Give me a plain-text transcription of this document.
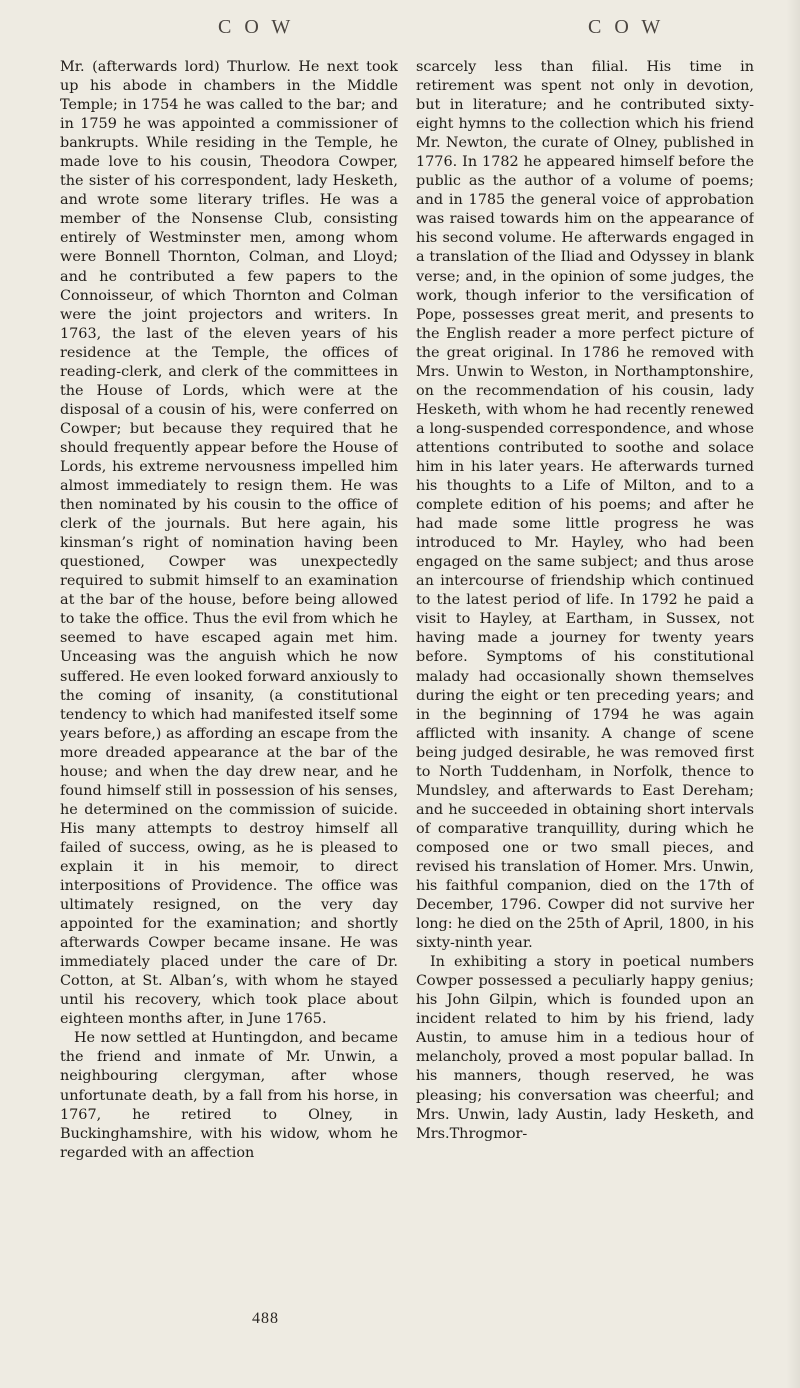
C O W	C O W

Mr. (afterwards lord) Thurlow. He next took up his abode in chambers in the Middle Temple; in 1754 he was called to the bar; and in 1759 he was appointed a commissioner of bankrupts. While residing in the Temple, he made love to his cousin, Theodora Cowper, the sister of his correspondent, lady Hesketh, and wrote some literary trifles. He was a member of the Nonsense Club, consisting entirely of Westminster men, among whom were Bonnell Thornton, Colman, and Lloyd; and he contributed a few papers to the Connoisseur, of which Thornton and Colman were the joint projectors and writers. In 1763, the last of the eleven years of his residence at the Temple, the offices of reading-clerk, and clerk of the committees in the House of Lords, which were at the disposal of a cousin of his, were conferred on Cowper; but because they required that he should frequently appear before the House of Lords, his extreme nervousness impelled him almost immediately to resign them. He was then nominated by his cousin to the office of clerk of the journals. But here again, his kinsman’s right of nomination having been questioned, Cowper was unexpectedly required to submit himself to an examination at the bar of the house, before being allowed to take the office. Thus the evil from which he seemed to have escaped again met him. Unceasing was the anguish which he now suffered. He even looked forward anxiously to the coming of insanity, (a constitutional tendency to which had manifested itself some years before,) as affording an escape from the more dreaded appearance at the bar of the house; and when the day drew near, and he found himself still in possession of his senses, he determined on the commission of suicide. His many attempts to destroy himself all failed of success, owing, as he is pleased to explain it in his memoir, to direct interpositions of Providence. The office was ultimately resigned, on the very day appointed for the examination; and shortly afterwards Cowper became insane. He was immediately placed under the care of Dr. Cotton, at St. Alban’s, with whom he stayed until his recovery, which took place about eighteen months after, in June 1765.

He now settled at Huntingdon, and became the friend and inmate of Mr. Unwin, a neighbouring clergyman, after whose unfortunate death, by a fall from his horse, in 1767, he retired to Olney, in Buckinghamshire, with his widow, whom he regarded with an affection

scarcely less than filial. His time in retirement was spent not only in devotion, but in literature; and he contributed sixty-eight hymns to the collection which his friend Mr. Newton, the curate of Olney, published in 1776. In 1782 he appeared himself before the public as the author of a volume of poems; and in 1785 the general voice of approbation was raised towards him on the appearance of his second volume. He afterwards engaged in a translation of the Iliad and Odyssey in blank verse; and, in the opinion of some judges, the work, though inferior to the versification of Pope, possesses great merit, and presents to the English reader a more perfect picture of the great original. In 1786 he removed with Mrs. Unwin to Weston, in Northamptonshire, on the recommendation of his cousin, lady Hesketh, with whom he had recently renewed a long-suspended correspondence, and whose attentions contributed to soothe and solace him in his later years. He afterwards turned his thoughts to a Life of Milton, and to a complete edition of his poems; and after he had made some little progress he was introduced to Mr. Hayley, who had been engaged on the same subject; and thus arose an intercourse of friendship which continued to the latest period of life. In 1792 he paid a visit to Hayley, at Eartham, in Sussex, not having made a journey for twenty years before. Symptoms of his constitutional malady had occasionally shown themselves during the eight or ten preceding years; and in the beginning of 1794 he was again afflicted with insanity. A change of scene being judged desirable, he was removed first to North Tuddenham, in Norfolk, thence to Mundsley, and afterwards to East Dereham; and he succeeded in obtaining short intervals of comparative tranquillity, during which he composed one or two small pieces, and revised his translation of Homer. Mrs. Unwin, his faithful companion, died on the 17th of December, 1796. Cowper did not survive her long: he died on the 25th of April, 1800, in his sixty-ninth year.

In exhibiting a story in poetical numbers Cowper possessed a peculiarly happy genius; his John Gilpin, which is founded upon an incident related to him by his friend, lady Austin, to amuse him in a tedious hour of melancholy, proved a most popular ballad. In his manners, though reserved, he was pleasing; his conversation was cheerful; and Mrs. Unwin, lady Austin, lady Hesketh, and Mrs.Throgmor-

488
